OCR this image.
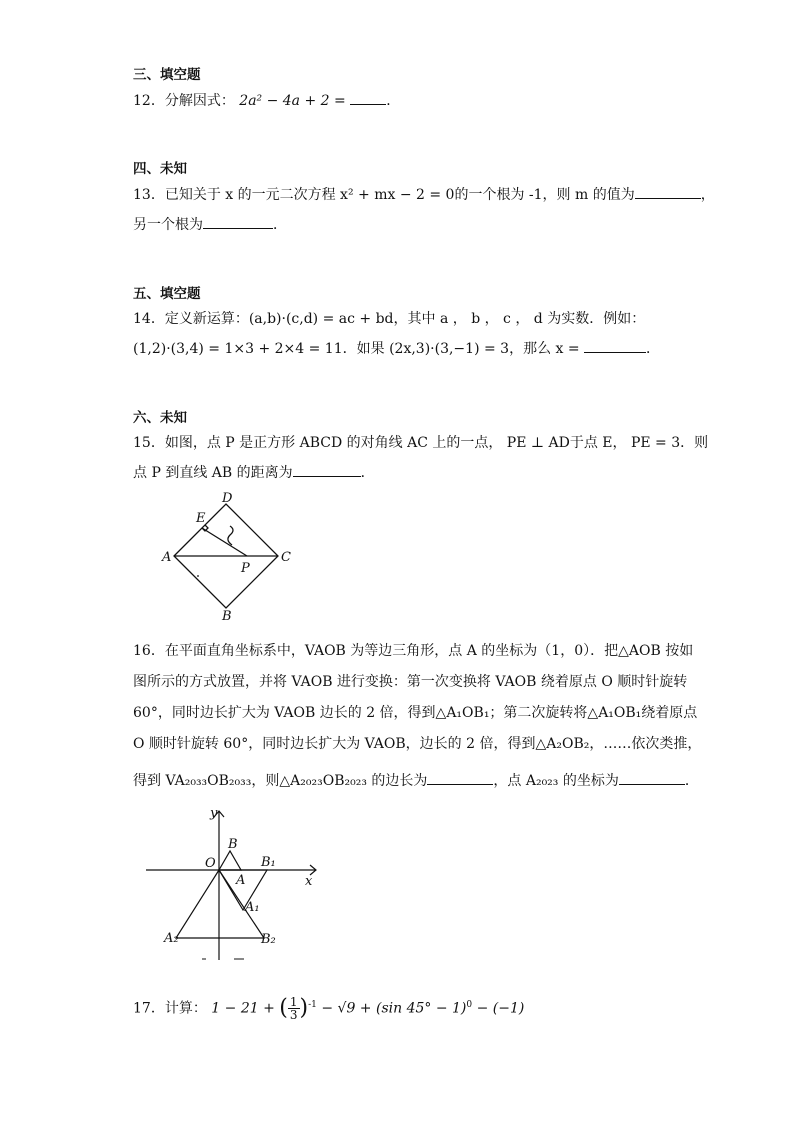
三、填空题
12．分解因式： 2a² − 4a + 2 =	．
四、未知
13．已知关于 x 的一元二次方程 x² + mx − 2 = 0的一个根为 -1，则 m 的值为	，
另一个根为	．
五、填空题
14．定义新运算：(a,b)·(c,d) = ac + bd，其中 a ， b ， c ， d 为实数．例如：
(1,2)·(3,4) = 1×3 + 2×4 = 11．如果 (2x,3)·(3,−1) = 3，那么 x =	．
六、未知
15．如图，点 P 是正方形 ABCD 的对角线 AC 上的一点， PE ⊥ AD于点 E， PE = 3．则
点 P 到直线 AB 的距离为	．
A
D
C
B
E
P
16．在平面直角坐标系中，VAOB 为等边三角形，点 A 的坐标为（1，0）．把△AOB 按如
图所示的方式放置，并将 VAOB 进行变换：第一次变换将 VAOB 绕着原点 O 顺时针旋转
60°，同时边长扩大为 VAOB 边长的 2 倍，得到△A₁OB₁；第二次旋转将△A₁OB₁绕着原点
O 顺时针旋转 60°，同时边长扩大为 VAOB，边长的 2 倍，得到△A₂OB₂，……依次类推，
得到 VA₂₀₃₃OB₂₀₃₃，则△A₂₀₂₃OB₂₀₂₃ 的边长为	，点 A₂₀₂₃ 的坐标为	．
y
x
O
B
A
B₁
A₁
A₂	B₂
17．计算： 1 − 21 + ( $\frac{1}{3} )^{-1} - √9 + (\sin$ 45° − 1)$^0$ − (−1)
